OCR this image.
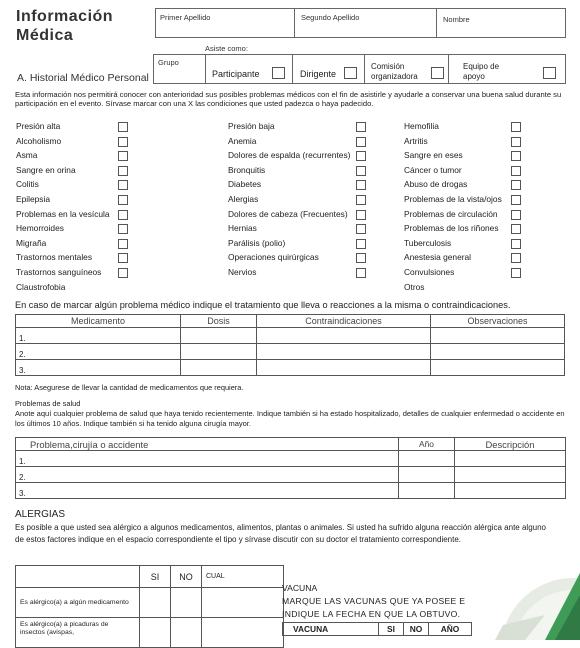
Información
Médica
Primer Apellido	Segundo Apellido	Nombre
Asiste como:
Grupo
Participante	Dirigente
Comisión organizadora
Equipo de apoyo
A. Historial Médico Personal
Esta información nos permitirá conocer con anterioridad sus posibles problemas médicos con el fin de asistirle y ayudarle a conservar una buena salud durante su participación en el evento. Sírvase marcar con una X las condiciones que usted padezca o haya padecido.
Presión alta
Alcoholismo
Asma
Sangre en orina
Colitis
Epilepsia
Problemas en la vesícula
Hemorroides
Migraña
Trastornos mentales
Trastornos sanguíneos
Claustrofobia
Presión baja
Anemia
Dolores de espalda (recurrentes)
Bronquitis
Diabetes
Alergias
Dolores de cabeza (Frecuentes)
Hernias
Parálisis (polio)
Operaciones quirúrgicas
Nervios
Hemofilia
Artritis
Sangre en eses
Cáncer o tumor
Abuso de drogas
Problemas de la vista/ojos
Problemas de circulación
Problemas de los riñones
Tuberculosis
Anestesia general
Convulsiones
Otros
En caso de marcar algún problema médico indique el tratamiento que lleva o reacciones a la misma o contraindicaciones.
Medicamento	Dosis	Contraindicaciones	Observaciones
1.			
2.			
3.			
Nota: Asegurese de llevar la cantidad de medicamentos que requiera.
Problemas de salud
Anote aquí cualquier problema de salud que haya tenido recientemente. Indique también si ha estado hospitalizado, detalles de cualquier enfermedad o accidente en los últimos 10 años. Indique también si ha tenido alguna cirugía mayor.
Problema,cirujía o accidente	Año	Descripción
1.		
2.		
3.		
ALERGIAS
Es posible a que usted sea alérgico a algunos medicamentos, alimentos, plantas o animales. Si usted ha sufrido alguna reacción alérgica ante alguno de estos factores indique en el espacio correspondiente el tipo y sírvase discutir con su doctor el tratamiento correspondiente.
	SI	NO	CUAL
Es alérgico(a) a algún medicamento			
Es alérgico(a) a picaduras de insectos (avispas,			
VACUNA
MARQUE LAS VACUNAS QUE YA POSEE E INDIQUE LA FECHA EN QUE LA OBTUVO.
VACUNA	SI	NO	AÑO
